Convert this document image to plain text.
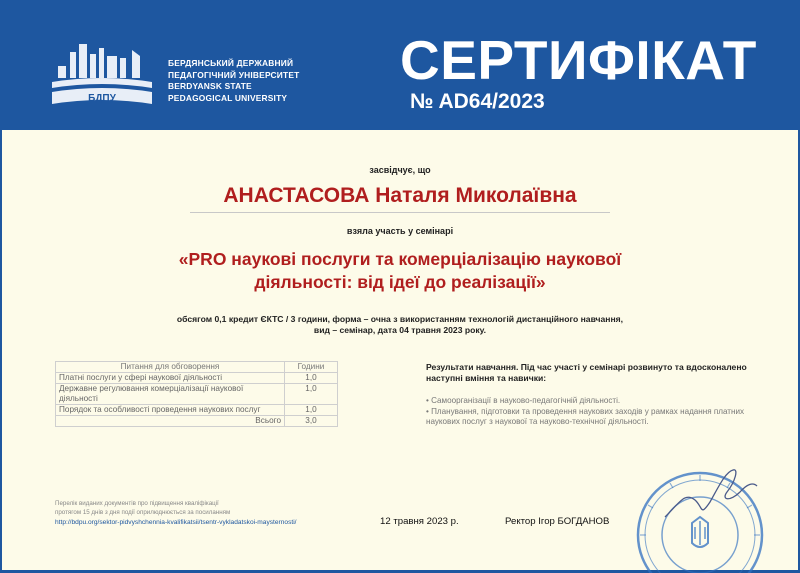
БДПУ
БЕРДЯНСЬКИЙ ДЕРЖАВНИЙ
ПЕДАГОГІЧНИЙ УНІВЕРСИТЕТ
BERDYANSK STATE
PEDAGOGICAL UNIVERSITY
СЕРТИФІКАТ
№ AD64/2023
засвідчує, що
АНАСТАСОВА Наталя Миколаївна
взяла участь у семінарі
«PRO наукові послуги та комерціалізацію наукової діяльності: від ідеї до реалізації»
обсягом 0,1 кредит ЄКТС / 3 години, форма – очна з використанням технологій дистанційного навчання,
вид – семінар, дата 04 травня 2023 року.
Питання для обговорення	Години
Платні послуги у сфері наукової діяльності	1,0
Державне регулювання комерціалізації наукової діяльності	1,0
Порядок та особливості проведення наукових послуг	1,0
Всього	3,0
Результати навчання. Під час участі у семінарі розвинуто та вдосконалено наступні вміння та навички:
• Самоорганізації в науково-педагогічній діяльності.
• Планування, підготовки та проведення наукових заходів у рамках надання платних наукових послуг з наукової та науково-технічної діяльності.
Перелік виданих документів про підвищення кваліфікації
протягом 15 днів з дня події оприлюднюється за посиланням
http://bdpu.org/sektor-pidvyshchennia-kvalifikatsii/tsentr-vykladatskoi-maysternosti/	12 травня 2023 р.	Ректор Ігор БОГДАНОВ
